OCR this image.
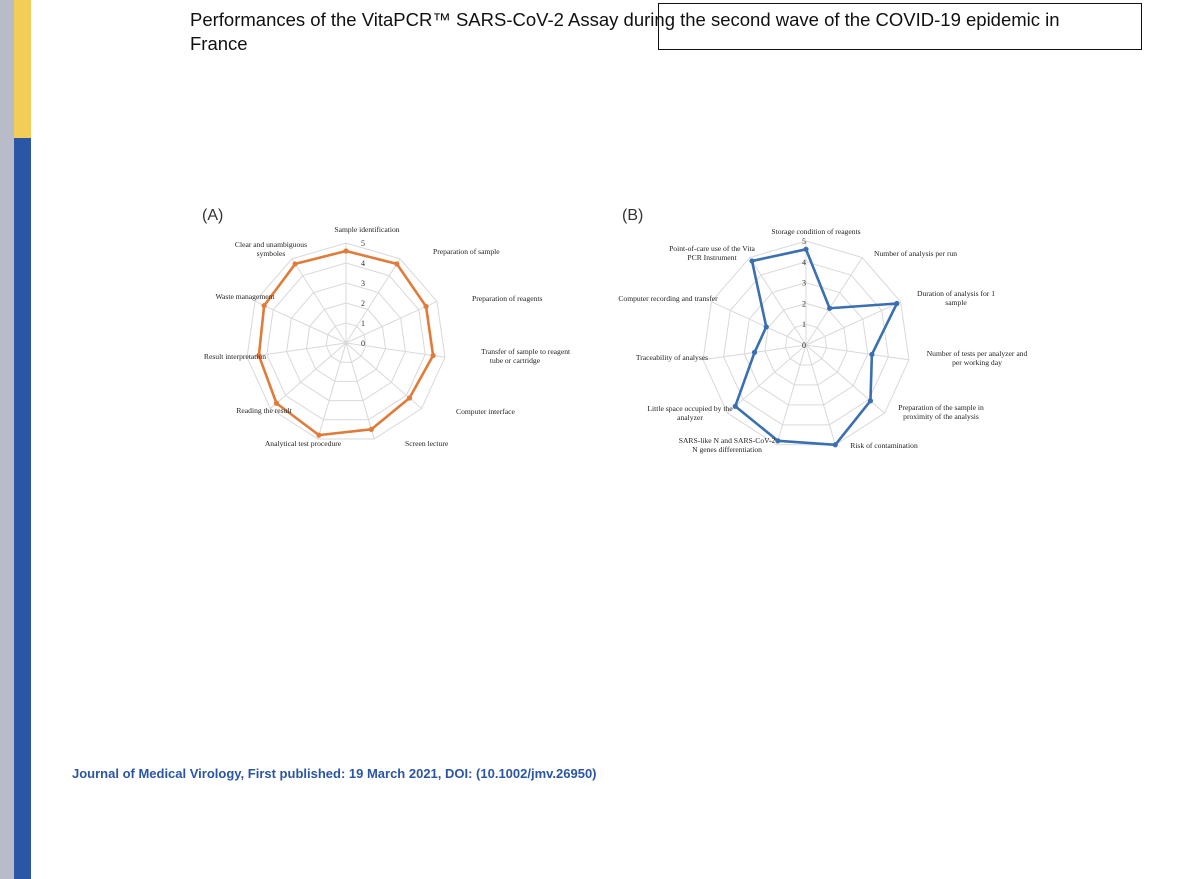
Performances of the VitaPCR™ SARS-CoV-2 Assay during the second wave of the COVID-19 epidemic in France
(A)
0
1
2
3
4
5
Sample identification
Preparation of sample
Preparation of reagents
Transfer of sample to reagent
tube or cartridge
Computer interface
Screen lecture
Analytical test procedure
Reading the result
Result interpretation
Waste management
Clear and unambiguous
symboles
(B)
0
1
2
3
4
5
Storage condition of reagents
Number of analysis per run
Duration of analysis for 1
sample
Number of tests per analyzer and
per working day
Preparation of the sample in
proximity of the analysis
Risk of contamination
SARS-like N and SARS-CoV-2
N genes differentiation
Little space occupied by the
analyzer
Traceability of analyses
Computer recording and transfer
Point-of-care use of the Vita
PCR Instrument
Journal of Medical Virology, First published: 19 March 2021, DOI: (10.1002/jmv.26950)
